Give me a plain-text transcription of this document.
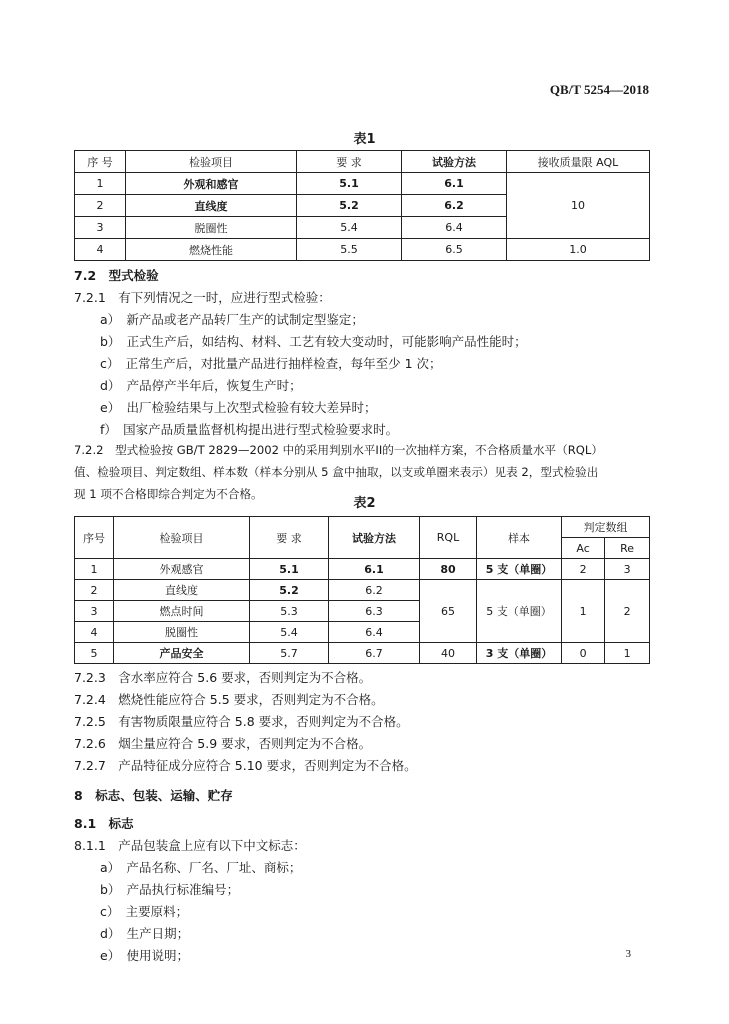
QB/T 5254—2018
表1
序 号	检验项目	要 求	试验方法	接收质量限 AQL
1	外观和感官	5.1	6.1	10
2	直线度	5.2	6.2	
3	脱圈性	5.4	6.4	
4	燃烧性能	5.5	6.5	1.0
7.2　型式检验
7.2.1　有下列情况之一时，应进行型式检验：
a）　新产品或老产品转厂生产的试制定型鉴定；
b）　正式生产后，如结构、材料、工艺有较大变动时，可能影响产品性能时；
c）　正常生产后，对批量产品进行抽样检查，每年至少 1 次；
d）　产品停产半年后，恢复生产时；
e）　出厂检验结果与上次型式检验有较大差异时；
f）　国家产品质量监督机构提出进行型式检验要求时。
7.2.2　型式检验按 GB/T 2829—2002 中的采用判别水平II的一次抽样方案，不合格质量水平（RQL）
值、检验项目、判定数组、样本数（样本分别从 5 盒中抽取，以支或单圈来表示）见表 2，型式检验出
现 1 项不合格即综合判定为不合格。
表2
序号	检验项目	要 求	试验方法	RQL	样本	判定数组	
						Ac	Re
1	外观感官	5.1	6.1	80	5 支（单圈）	2	3
2	直线度	5.2	6.2	65	5 支（单圈）	1	2
3	燃点时间	5.3	6.3				
4	脱圈性	5.4	6.4				
5	产品安全	5.7	6.7	40	3 支（单圈）	0	1
7.2.3　含水率应符合 5.6 要求，否则判定为不合格。
7.2.4　燃烧性能应符合 5.5 要求，否则判定为不合格。
7.2.5　有害物质限量应符合 5.8 要求，否则判定为不合格。
7.2.6　烟尘量应符合 5.9 要求，否则判定为不合格。
7.2.7　产品特征成分应符合 5.10 要求，否则判定为不合格。
8　标志、包装、运输、贮存
8.1　标志
8.1.1　产品包装盒上应有以下中文标志：
a）　产品名称、厂名、厂址、商标；
b）　产品执行标准编号；
c）　主要原料；
d）　生产日期；
e）　使用说明；	3
